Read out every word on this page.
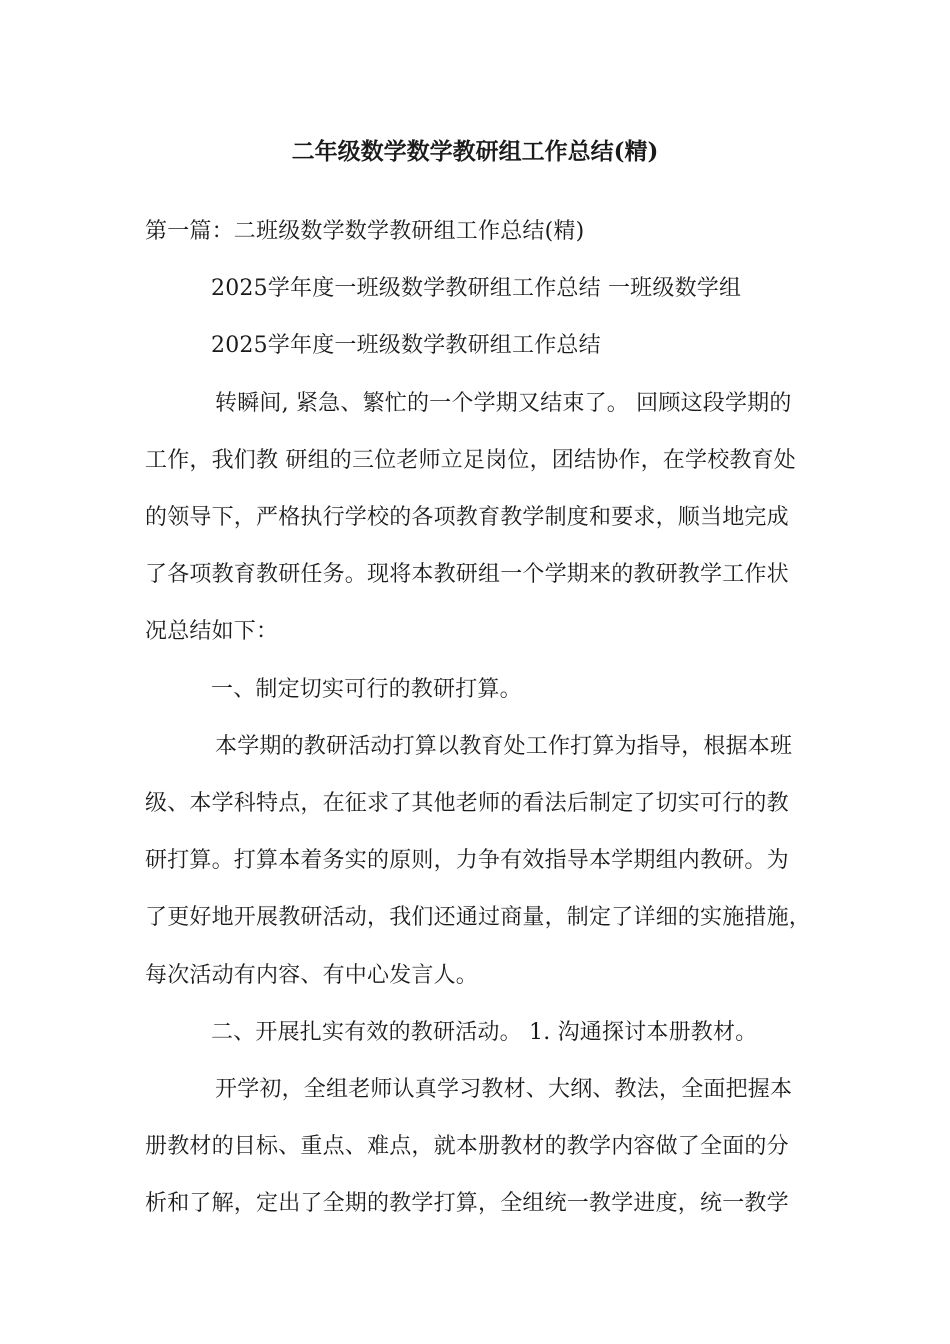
二年级数学数学教研组工作总结(精)

第一篇：二班级数学数学教研组工作总结(精)

2025学年度一班级数学教研组工作总结 一班级数学组

2025学年度一班级数学教研组工作总结

转瞬间, 紧急、繁忙的一个学期又结束了。 回顾这段学期的

工作，我们教 研组的三位老师立足岗位，团结协作，在学校教育处

的领导下，严格执行学校的各项教育教学制度和要求，顺当地完成

了各项教育教研任务。现将本教研组一个学期来的教研教学工作状

况总结如下：

一、制定切实可行的教研打算。

本学期的教研活动打算以教育处工作打算为指导，根据本班

级、本学科特点，在征求了其他老师的看法后制定了切实可行的教

研打算。打算本着务实的原则，力争有效指导本学期组内教研。为

了更好地开展教研活动，我们还通过商量，制定了详细的实施措施，

每次活动有内容、有中心发言人。

二、开展扎实有效的教研活动。 1. 沟通探讨本册教材。

开学初，全组老师认真学习教材、大纲、教法，全面把握本

册教材的目标、重点、难点，就本册教材的教学内容做了全面的分

析和了解，定出了全期的教学打算，全组统一教学进度，统一教学
